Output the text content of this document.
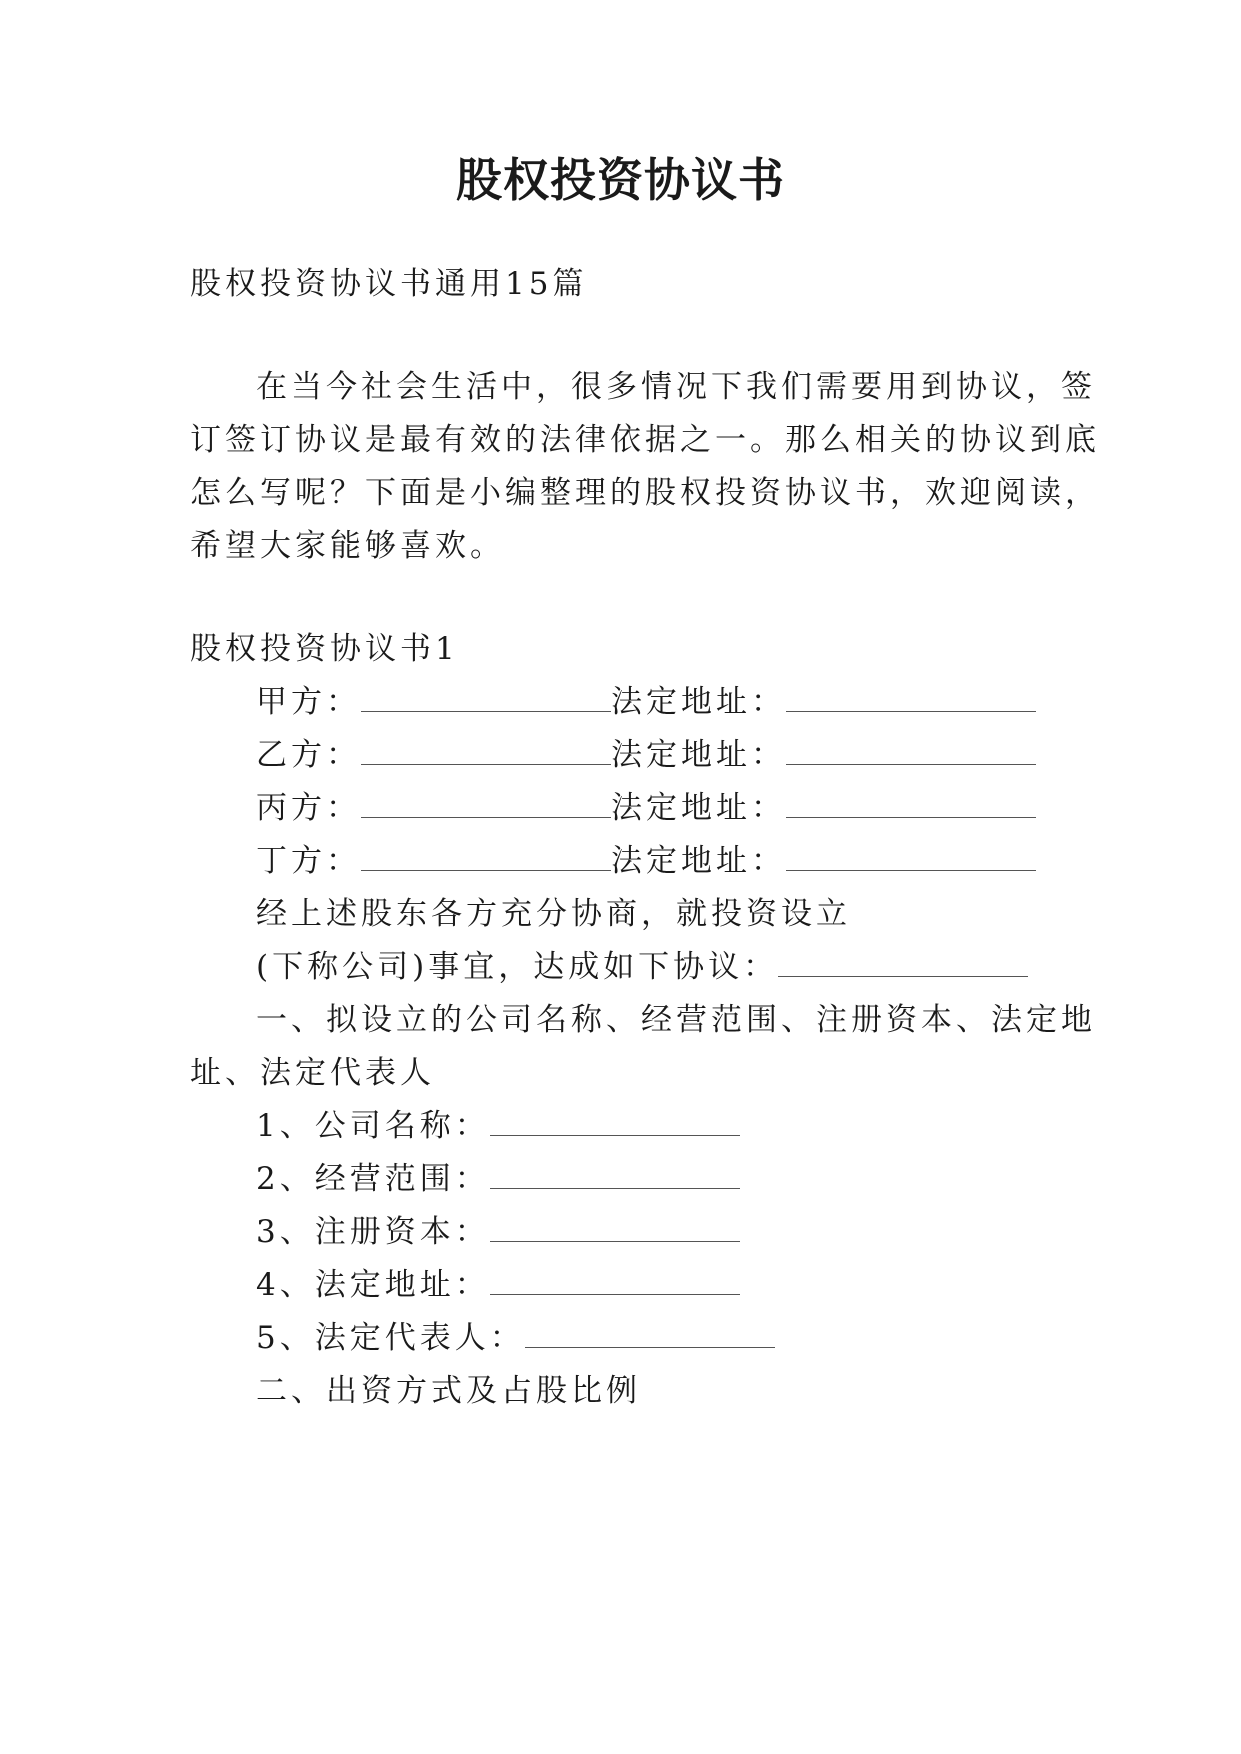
股权投资协议书
股权投资协议书通用15篇
在当今社会生活中，很多情况下我们需要用到协议，签
订签订协议是最有效的法律依据之一。那么相关的协议到底
怎么写呢？下面是小编整理的股权投资协议书，欢迎阅读，
希望大家能够喜欢。
股权投资协议书1
甲方：	法定地址：
乙方：	法定地址：
丙方：	法定地址：
丁方：	法定地址：
经上述股东各方充分协商，就投资设立
(下称公司)事宜，达成如下协议：
一、拟设立的公司名称、经营范围、注册资本、法定地
址、法定代表人
1、公司名称：
2、经营范围：
3、注册资本：
4、法定地址：
5、法定代表人：
二、出资方式及占股比例
